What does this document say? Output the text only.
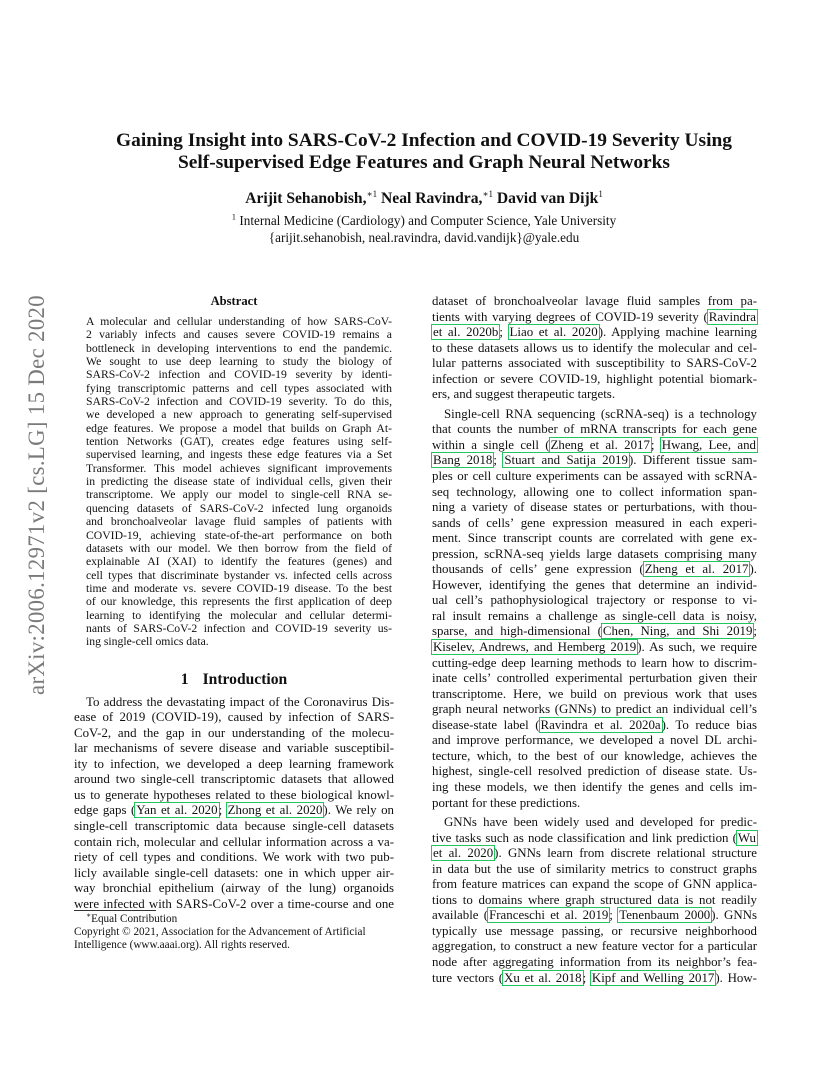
arXiv:2006.12971v2 [cs.LG] 15 Dec 2020
Gaining Insight into SARS-CoV-2 Infection and COVID-19 Severity Using
Self-supervised Edge Features and Graph Neural Networks
Arijit Sehanobish,$^{∗1}$ Neal Ravindra,$^{∗1}$ David van Dijk$^1$
$^1$ Internal Medicine (Cardiology) and Computer Science, Yale University
{arijit.sehanobish, neal.ravindra, david.vandijk}@yale.edu
Abstract

A molecular and cellular understanding of how SARS-CoV-
2 variably infects and causes severe COVID-19 remains a
bottleneck in developing interventions to end the pandemic.
We sought to use deep learning to study the biology of
SARS-CoV-2 infection and COVID-19 severity by identi-
fying transcriptomic patterns and cell types associated with
SARS-CoV-2 infection and COVID-19 severity. To do this,
we developed a new approach to generating self-supervised
edge features. We propose a model that builds on Graph At-
tention Networks (GAT), creates edge features using self-
supervised learning, and ingests these edge features via a Set
Transformer. This model achieves significant improvements
in predicting the disease state of individual cells, given their
transcriptome. We apply our model to single-cell RNA se-
quencing datasets of SARS-CoV-2 infected lung organoids
and bronchoalveolar lavage fluid samples of patients with
COVID-19, achieving state-of-the-art performance on both
datasets with our model. We then borrow from the field of
explainable AI (XAI) to identify the features (genes) and
cell types that discriminate bystander vs. infected cells across
time and moderate vs. severe COVID-19 disease. To the best
of our knowledge, this represents the first application of deep
learning to identifying the molecular and cellular determi-
nants of SARS-CoV-2 infection and COVID-19 severity us-
ing single-cell omics data.

1 Introduction
To address the devastating impact of the Coronavirus Dis-
ease of 2019 (COVID-19), caused by infection of SARS-
CoV-2, and the gap in our understanding of the molecu-
lar mechanisms of severe disease and variable susceptibil-
ity to infection, we developed a deep learning framework
around two single-cell transcriptomic datasets that allowed
us to generate hypotheses related to these biological knowl-
edge gaps (Yan et al. 2020; Zhong et al. 2020). We rely on
single-cell transcriptomic data because single-cell datasets
contain rich, molecular and cellular information across a va-
riety of cell types and conditions. We work with two pub-
licly available single-cell datasets: one in which upper air-
way bronchial epithelium (airway of the lung) organoids
were infected with SARS-CoV-2 over a time-course and one
dataset of bronchoalveolar lavage fluid samples from pa-
tients with varying degrees of COVID-19 severity (Ravindra
et al. 2020b; Liao et al. 2020). Applying machine learning
to these datasets allows us to identify the molecular and cel-
lular patterns associated with susceptibility to SARS-CoV-2
infection or severe COVID-19, highlight potential biomark-
ers, and suggest therapeutic targets.
Single-cell RNA sequencing (scRNA-seq) is a technology
that counts the number of mRNA transcripts for each gene
within a single cell (Zheng et al. 2017; Hwang, Lee, and
Bang 2018; Stuart and Satija 2019). Different tissue sam-
ples or cell culture experiments can be assayed with scRNA-
seq technology, allowing one to collect information span-
ning a variety of disease states or perturbations, with thou-
sands of cells’ gene expression measured in each experi-
ment. Since transcript counts are correlated with gene ex-
pression, scRNA-seq yields large datasets comprising many
thousands of cells’ gene expression (Zheng et al. 2017).
However, identifying the genes that determine an individ-
ual cell’s pathophysiological trajectory or response to vi-
ral insult remains a challenge as single-cell data is noisy,
sparse, and high-dimensional (Chen, Ning, and Shi 2019;
Kiselev, Andrews, and Hemberg 2019). As such, we require
cutting-edge deep learning methods to learn how to discrim-
inate cells’ controlled experimental perturbation given their
transcriptome. Here, we build on previous work that uses
graph neural networks (GNNs) to predict an individual cell’s
disease-state label (Ravindra et al. 2020a). To reduce bias
and improve performance, we developed a novel DL archi-
tecture, which, to the best of our knowledge, achieves the
highest, single-cell resolved prediction of disease state. Us-
ing these models, we then identify the genes and cells im-
portant for these predictions.
GNNs have been widely used and developed for predic-
tive tasks such as node classification and link prediction (Wu
et al. 2020). GNNs learn from discrete relational structure
in data but the use of similarity metrics to construct graphs
from feature matrices can expand the scope of GNN applica-
tions to domains where graph structured data is not readily
available (Franceschi et al. 2019; Tenenbaum 2000). GNNs
typically use message passing, or recursive neighborhood
aggregation, to construct a new feature vector for a particular
node after aggregating information from its neighbor’s fea-
ture vectors (Xu et al. 2018; Kipf and Welling 2017). How-
∗Equal Contribution
Copyright © 2021, Association for the Advancement of Artificial
Intelligence (www.aaai.org). All rights reserved.
